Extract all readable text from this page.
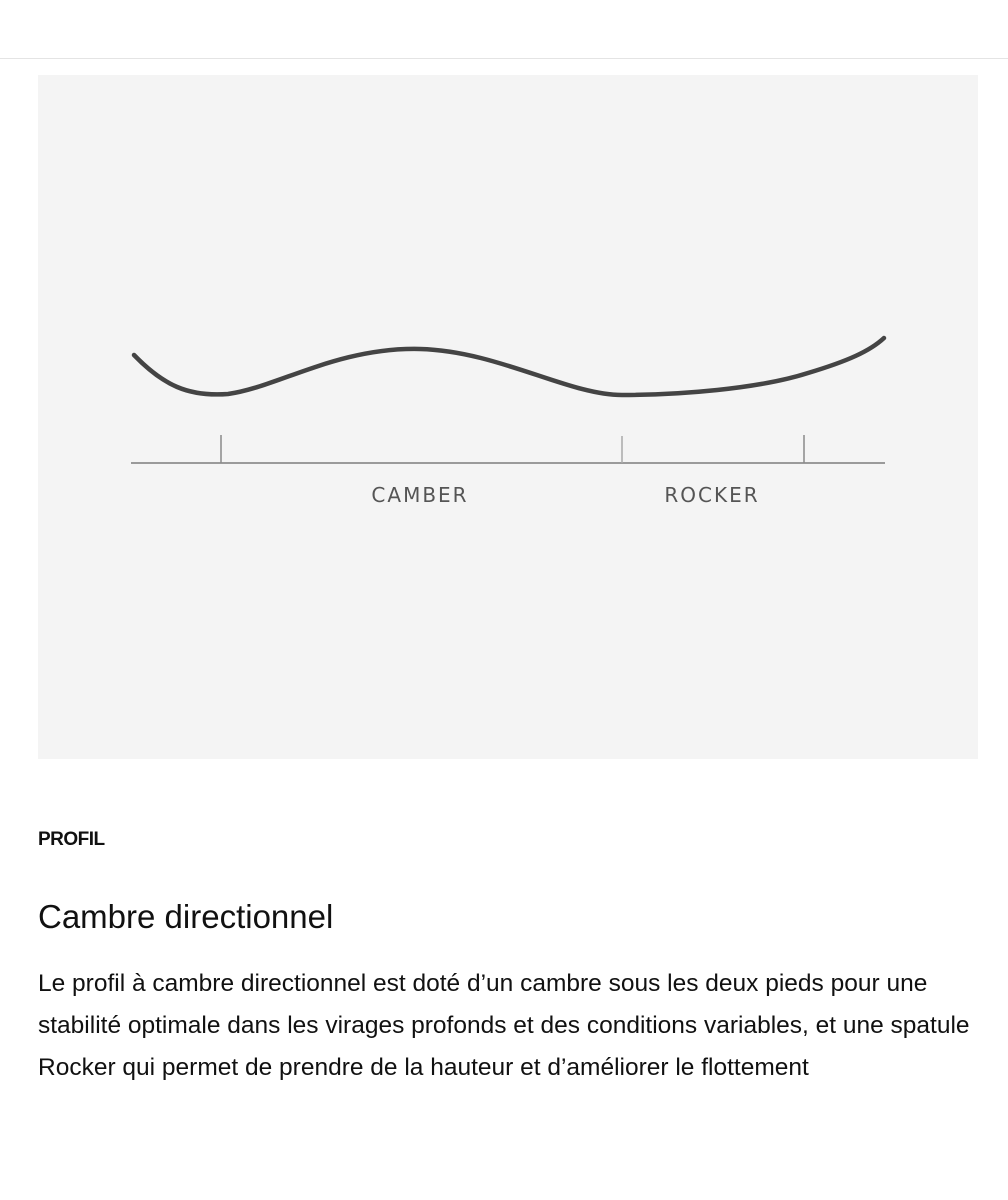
CAMBER	ROCKER
PROFIL
Cambre directionnel

Le profil à cambre directionnel est doté d’un cambre sous les deux pieds pour une stabilité optimale dans les virages profonds et des conditions variables, et une spatule Rocker qui permet de prendre de la hauteur et d’améliorer le flottement
